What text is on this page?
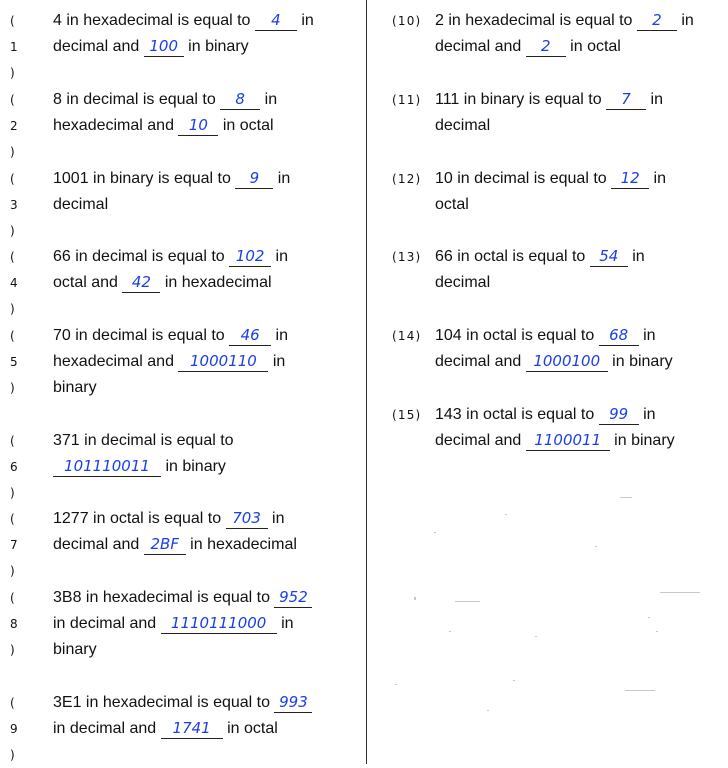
( 1 )
4 in hexadecimal is equal to 4 in
decimal and 100 in binary
( 2 )
8 in decimal is equal to 8 in
hexadecimal and 10 in octal
( 3 )
1001 in binary is equal to 9 in
decimal
( 4 )
66 in decimal is equal to 102 in
octal and 42 in hexadecimal
( 5 )
70 in decimal is equal to 46 in
hexadecimal and 1000110 in
binary
( 6 )
371 in decimal is equal to
101110011 in binary
( 7 )
1277 in octal is equal to 703 in
decimal and 2BF in hexadecimal
( 8 )
3B8 in hexadecimal is equal to 952
in decimal and 1110111000 in
binary
( 9 )
3E1 in hexadecimal is equal to 993
in decimal and 1741 in octal
(10) 2 in hexadecimal is equal to 2 in
decimal and 2 in octal
(11) 111 in binary is equal to 7 in
decimal
(12) 10 in decimal is equal to 12 in
octal
(13) 66 in octal is equal to 54 in
decimal
(14) 104 in octal is equal to 68 in
decimal and 1000100 in binary
(15) 143 in octal is equal to 99 in
decimal and 1100011 in binary
